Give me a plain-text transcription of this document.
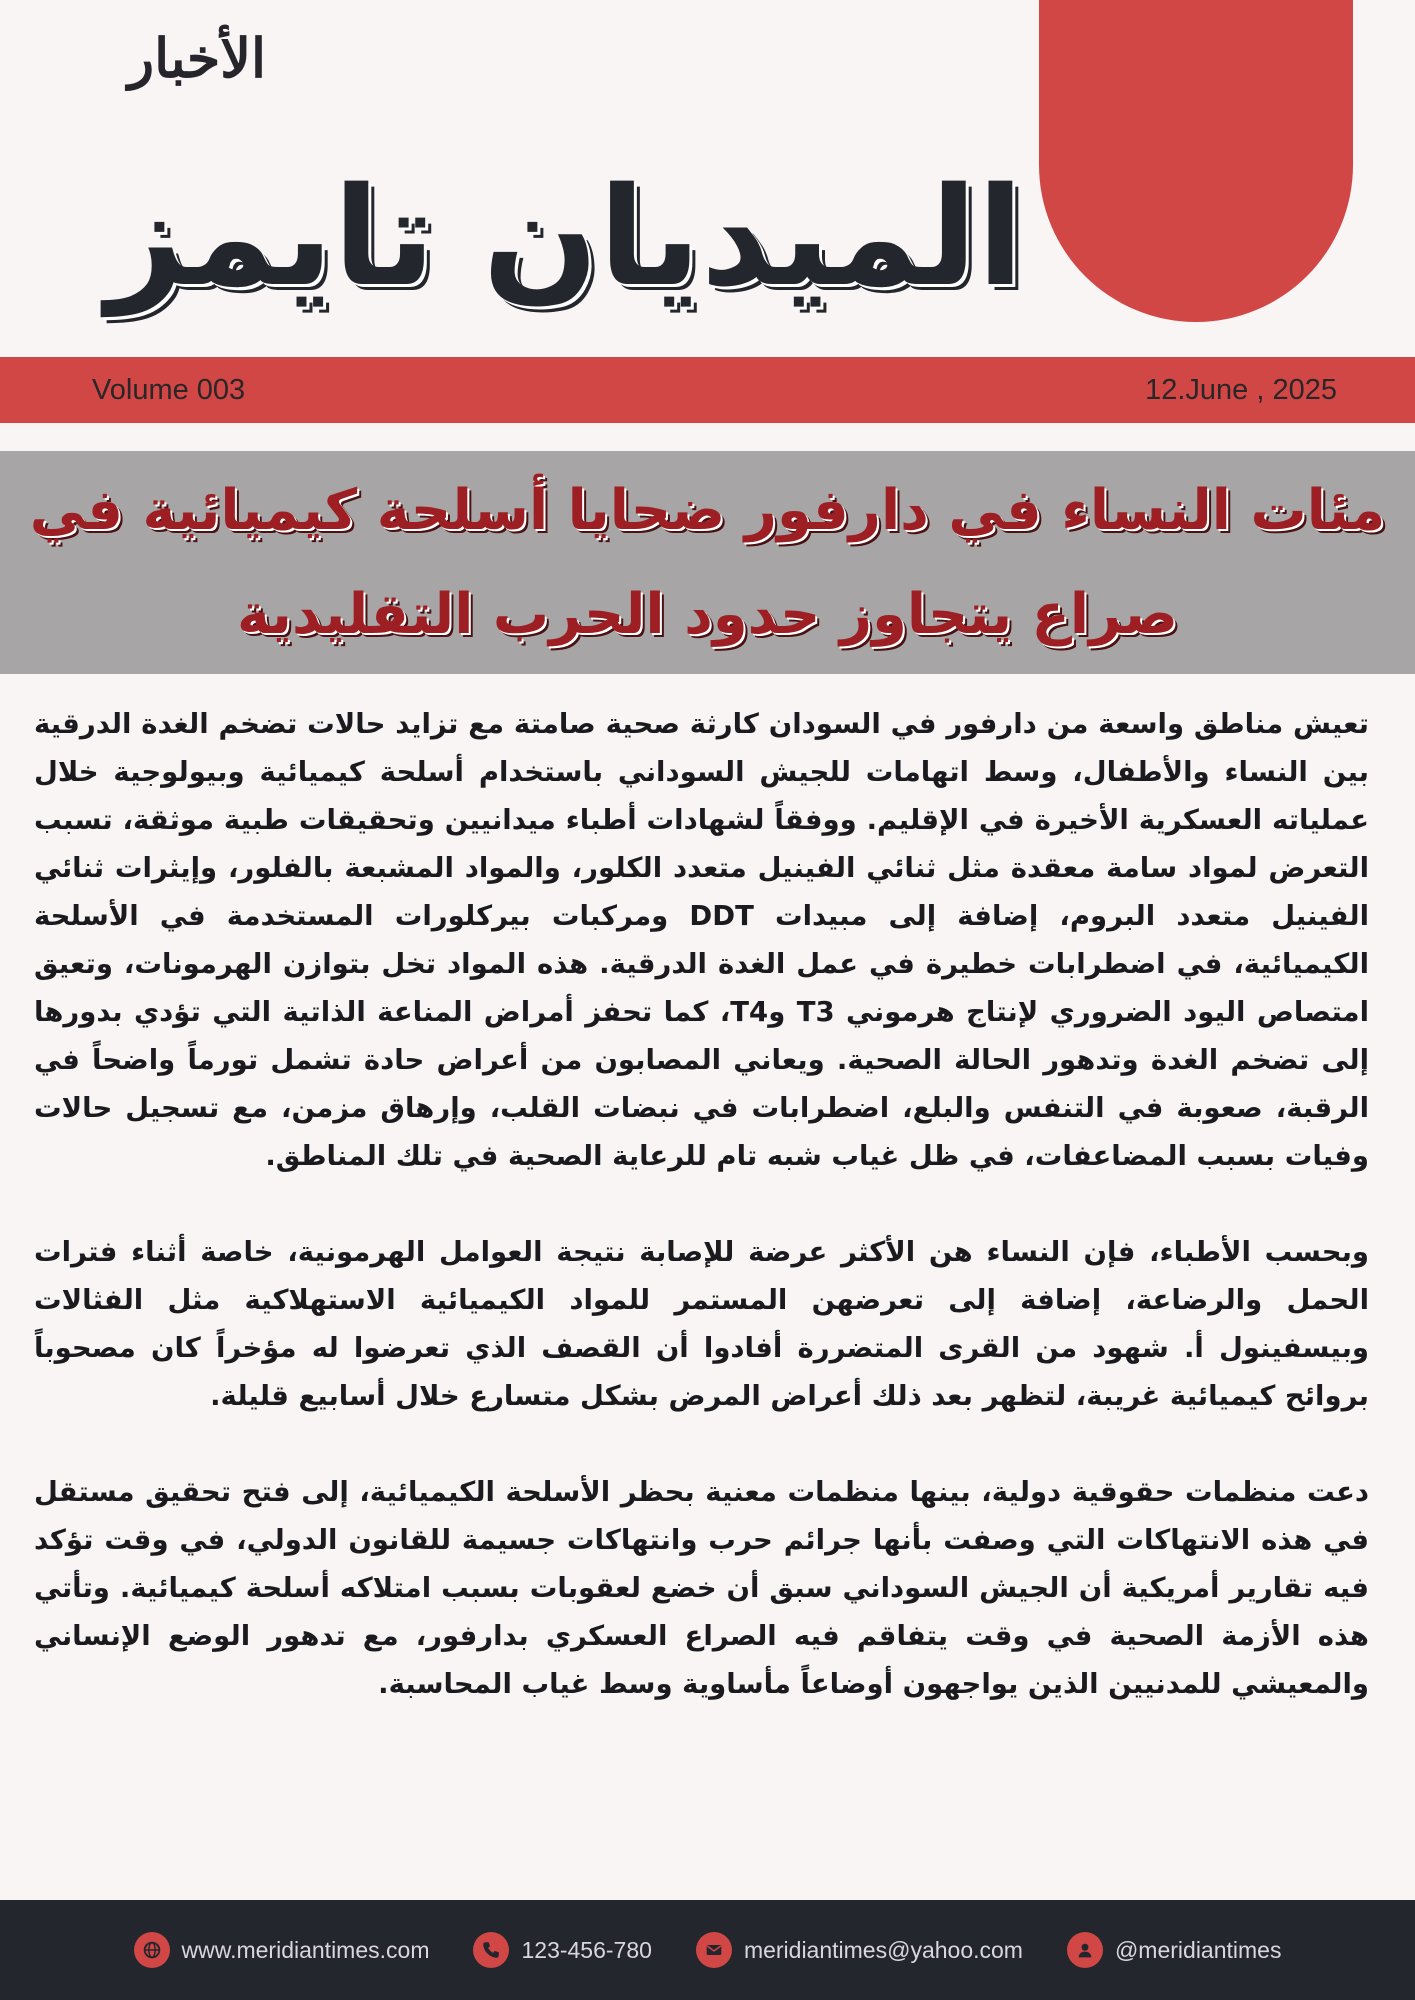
الأخبار
الميديان تايمز
Volume 003	12.June , 2025
مئات النساء في دارفور ضحايا أسلحة كيميائية في
صراع يتجاوز حدود الحرب التقليدية

تعيش مناطق واسعة من دارفور في السودان كارثة صحية صامتة مع تزايد حالات تضخم الغدة الدرقية بين النساء والأطفال، وسط اتهامات للجيش السوداني باستخدام أسلحة كيميائية وبيولوجية خلال عملياته العسكرية الأخيرة في الإقليم. ووفقاً لشهادات أطباء ميدانيين وتحقيقات طبية موثقة، تسبب التعرض لمواد سامة معقدة مثل ثنائي الفينيل متعدد الكلور، والمواد المشبعة بالفلور، وإيثرات ثنائي الفينيل متعدد البروم، إضافة إلى مبيدات DDT ومركبات بيركلورات المستخدمة في الأسلحة الكيميائية، في اضطرابات خطيرة في عمل الغدة الدرقية. هذه المواد تخل بتوازن الهرمونات، وتعيق امتصاص اليود الضروري لإنتاج هرموني T3 وT4، كما تحفز أمراض المناعة الذاتية التي تؤدي بدورها إلى تضخم الغدة وتدهور الحالة الصحية. ويعاني المصابون من أعراض حادة تشمل تورماً واضحاً في الرقبة، صعوبة في التنفس والبلع، اضطرابات في نبضات القلب، وإرهاق مزمن، مع تسجيل حالات وفيات بسبب المضاعفات، في ظل غياب شبه تام للرعاية الصحية في تلك المناطق.

وبحسب الأطباء، فإن النساء هن الأكثر عرضة للإصابة نتيجة العوامل الهرمونية، خاصة أثناء فترات الحمل والرضاعة، إضافة إلى تعرضهن المستمر للمواد الكيميائية الاستهلاكية مثل الفثالات وبيسفينول أ. شهود من القرى المتضررة أفادوا أن القصف الذي تعرضوا له مؤخراً كان مصحوباً بروائح كيميائية غريبة، لتظهر بعد ذلك أعراض المرض بشكل متسارع خلال أسابيع قليلة.

دعت منظمات حقوقية دولية، بينها منظمات معنية بحظر الأسلحة الكيميائية، إلى فتح تحقيق مستقل في هذه الانتهاكات التي وصفت بأنها جرائم حرب وانتهاكات جسيمة للقانون الدولي، في وقت تؤكد فيه تقارير أمريكية أن الجيش السوداني سبق أن خضع لعقوبات بسبب امتلاكه أسلحة كيميائية. وتأتي هذه الأزمة الصحية في وقت يتفاقم فيه الصراع العسكري بدارفور، مع تدهور الوضع الإنساني والمعيشي للمدنيين الذين يواجهون أوضاعاً مأساوية وسط غياب المحاسبة.

www.meridiantimes.com	123-456-780	meridiantimes@yahoo.com	@meridiantimes
